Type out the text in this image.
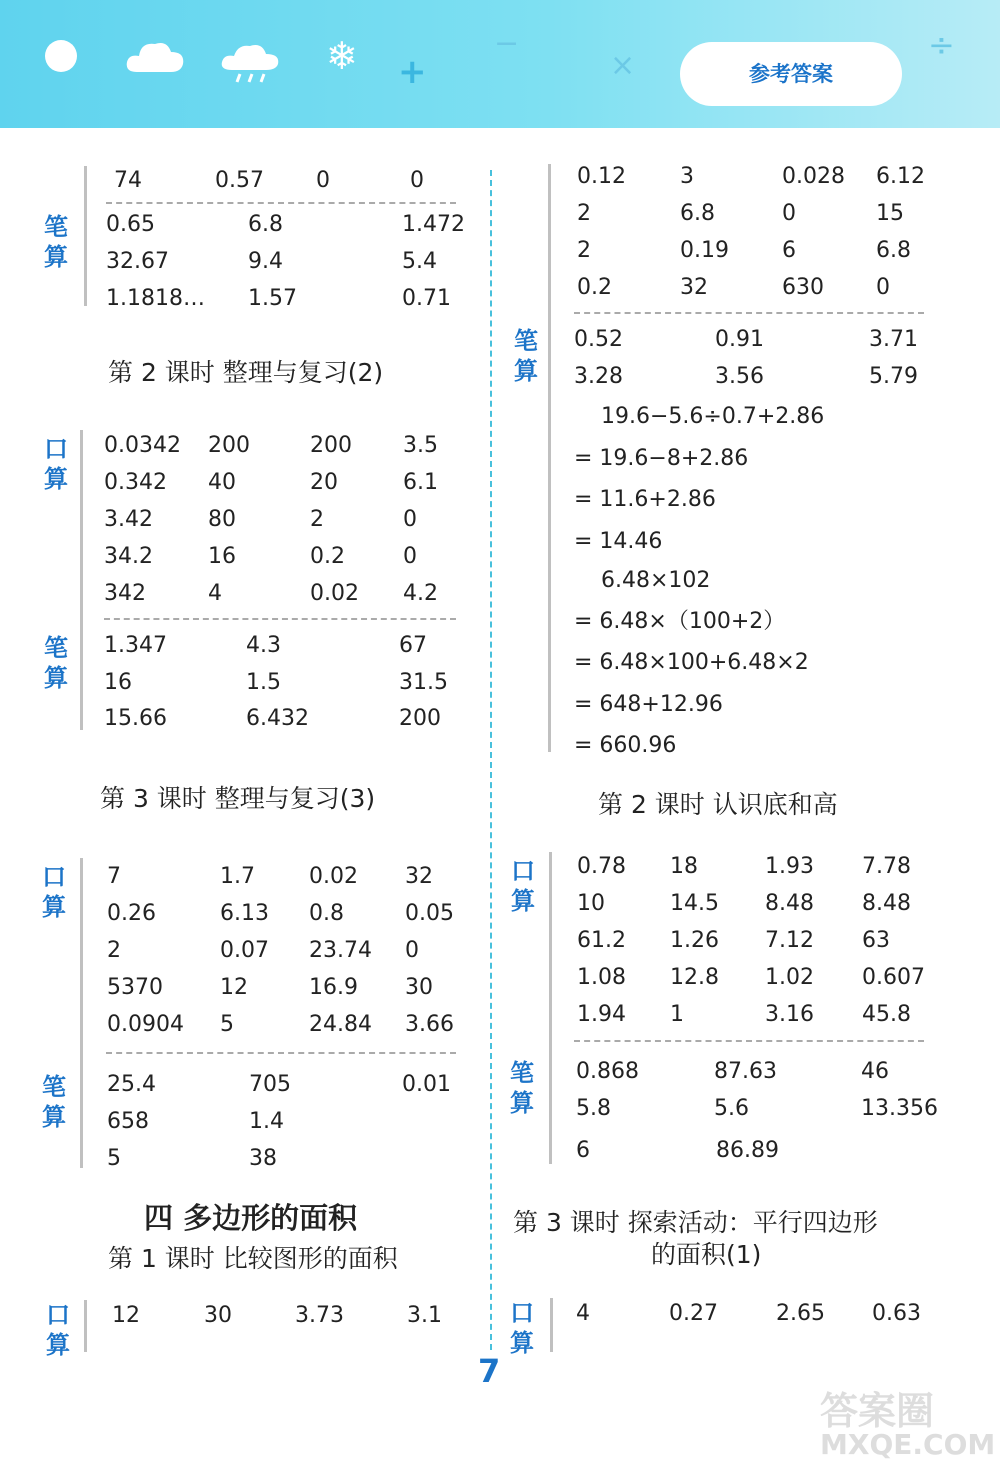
❄ +
−
×
÷
参考答案
笔
算
74	0.57 0	0
0.65	6.8	1.472
32.67	9.4	5.4
1.1818… 1.57	0.71
第 2 课时 整理与复习(2)
口
算
0.0342 200	200 3.5
0.342 40	20	6.1
3.42	80	2	0
34.2	16	0.2	0
342	4	0.02 4.2
笔
算
1.347	4.3	67
16	1.5	31.5
15.66	6.432	200
第 3 课时 整理与复习(3)
口
算
7	1.7 0.02 32
0.26	6.13 0.8	0.05
2	0.07 23.74 0
5370	12	16.9 30
0.0904 5	24.84 3.66
笔
算
25.4	705	0.01
658	1.4
5	38
四 多边形的面积
第 1 课时 比较图形的面积
口
算
12	30	3.73	3.1
0.12 3	0.028 6.12
2	6.8	0	15
2	0.19 6	6.8
0.2	32	630 0
笔
算
0.52	0.91	3.71
3.28	3.56	5.79
19.6−5.6÷0.7+2.86
= 19.6−8+2.86
= 11.6+2.86
= 14.46
6.48×102
= 6.48×（100+2）
= 6.48×100+6.48×2
= 648+12.96
= 660.96
第 2 课时 认识底和高
口
算
0.78 18	1.93 7.78
10	14.5 8.48 8.48
61.2 1.26 7.12 63
1.08 12.8 1.02 0.607
1.94 1	3.16 45.8
笔
算
0.868	87.63	46
5.8	5.6	13.356
6	86.89
第 3 课时 探索活动：平行四边形
的面积(1)
口
算
4	0.27	2.65 0.63
7
答案圈
MXQE.COM
